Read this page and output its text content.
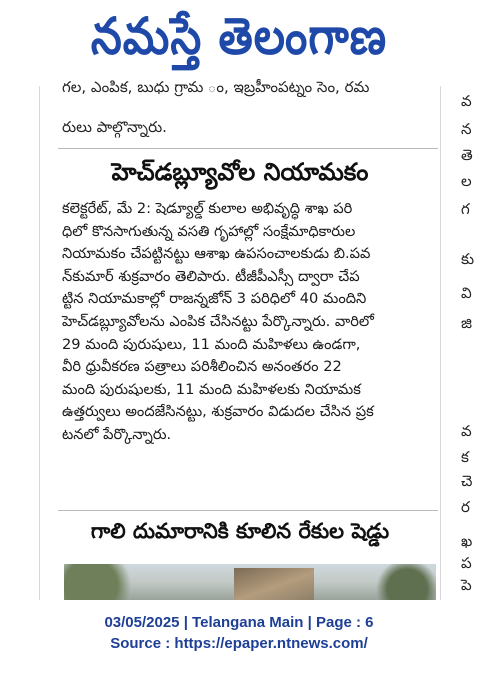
నమస్తే తెలంగాణ
గల, ఎంపిక, బుధు గ్రామ ం, ఇబ్రహీంపట్నం సెం, రమ
రులు పాల్గొన్నారు.
హెచ్‌డబ్ల్యూవోల నియామకం

కలెక్టరేట్, మే 2: షెడ్యూల్డ్ కులాల అభివృద్ధి శాఖ పరి

ధిలో కొనసాగుతున్న వసతి గృహాల్లో సంక్షేమాధికారుల

నియామకం చేపట్టినట్టు ఆశాఖ ఉపసంచాలకుడు బి.పవ

న్‌కుమార్ శుక్రవారం తెలిపారు. టీజీపీఎస్సీ ద్వారా చేప

ట్టిన నియామకాల్లో రాజన్నజోన్ 3 పరిధిలో 40 మందిని

హెచ్‌డబ్ల్యూవోలను ఎంపిక చేసినట్టు పేర్కొన్నారు. వారిలో

29 మంది పురుషులు, 11 మంది మహిళలు ఉండగా,

వీరి ధ్రువీకరణ పత్రాలు పరిశీలించిన అనంతరం 22

మంది పురుషులకు, 11 మంది మహిళలకు నియామక

ఉత్తర్వులు అందజేసినట్టు, శుక్రవారం విడుదల చేసిన ప్రక

టనలో పేర్కొన్నారు.

గాలి దుమారానికి కూలిన రేకుల షెడ్డు
వ
న
తె
ల
గ
కు
వి
జి
వ
క
చె
ర
ఖ
ప
పె
03/05/2025 | Telangana Main | Page : 6
Source : https://epaper.ntnews.com/
